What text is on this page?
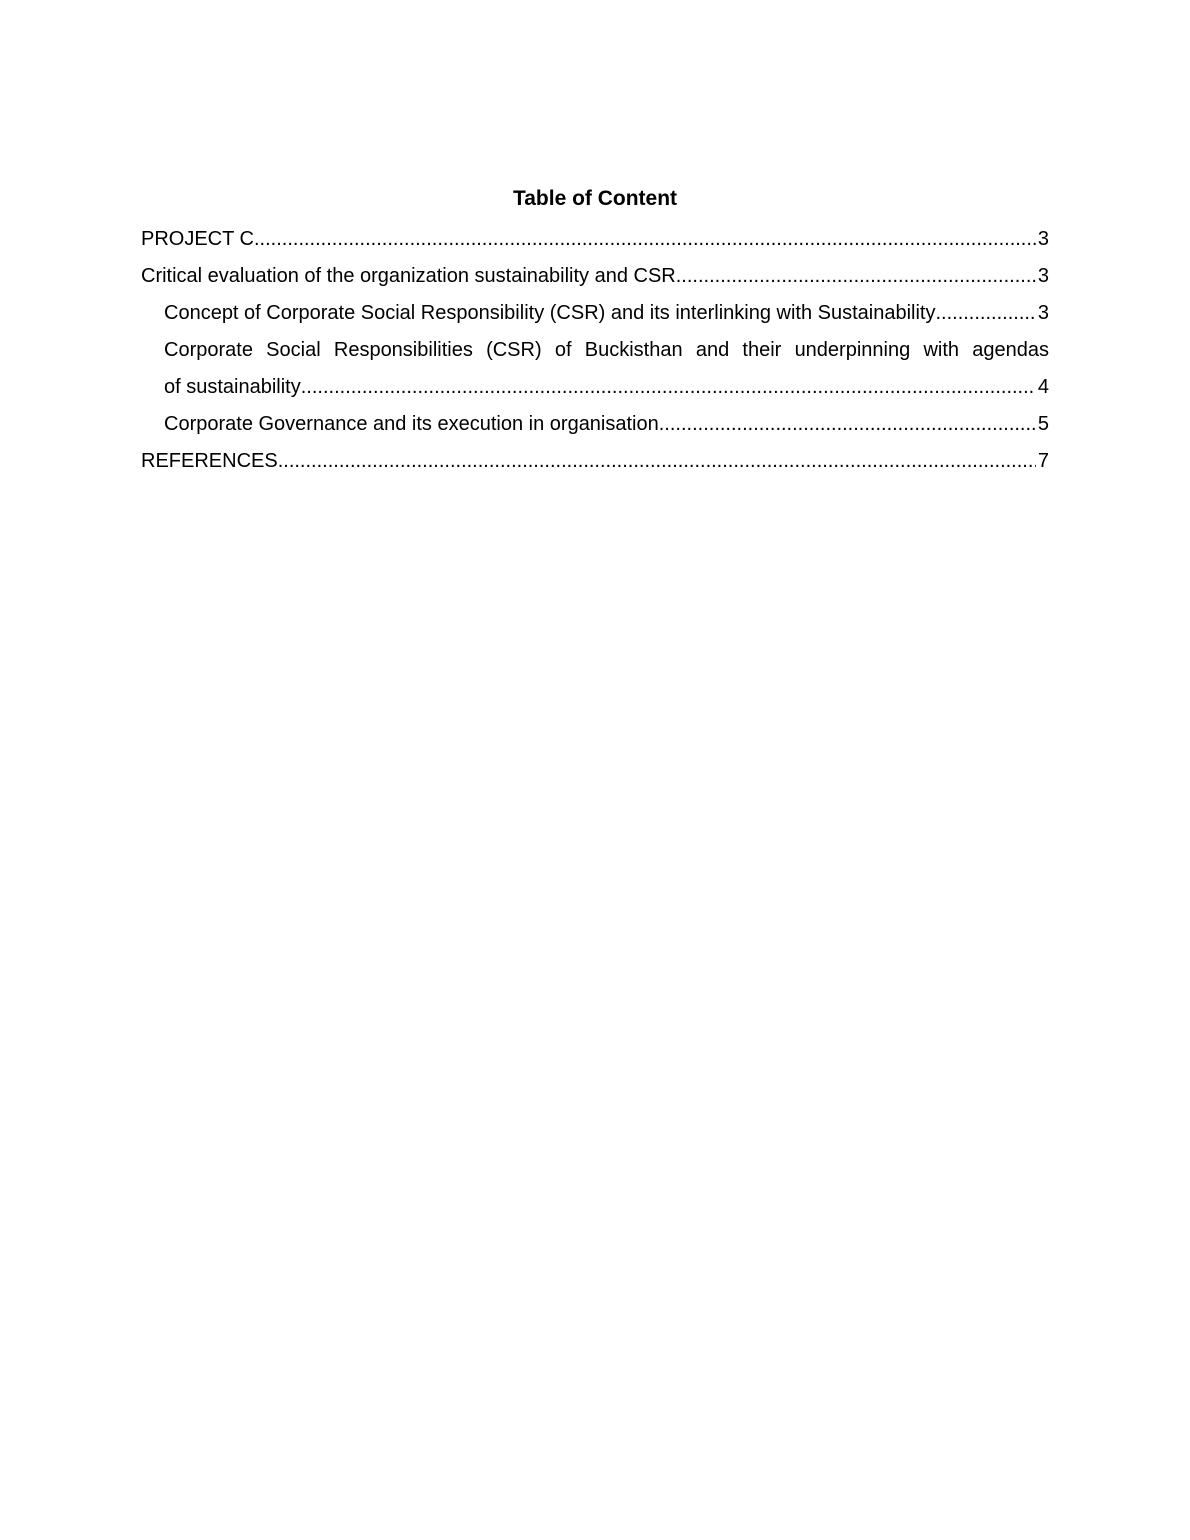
Table of Content
PROJECT C .....	3
Critical evaluation of the organization sustainability and CSR .....	3
Concept of Corporate Social Responsibility (CSR) and its interlinking with Sustainability .....	3
Corporate Social Responsibilities (CSR) of Buckisthan and their underpinning with agendas
of sustainability .....	4
Corporate Governance and its execution in organisation .....	5
REFERENCES .....	7
